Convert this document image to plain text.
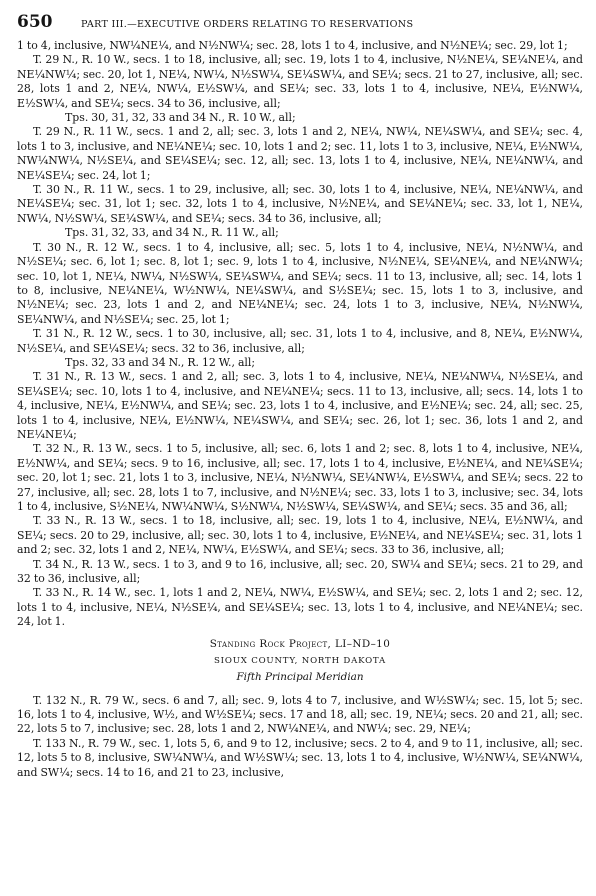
650	PART III.—EXECUTIVE ORDERS RELATING TO RESERVATIONS

1 to 4, inclusive, NW¼NE¼, and N½NW¼; sec. 28, lots 1 to 4, inclusive, and N½NE¼; sec. 29, lot 1;

T. 29 N., R. 10 W., secs. 1 to 18, inclusive, all; sec. 19, lots 1 to 4, inclusive, N½NE¼, SE¼NE¼, and NE¼NW¼; sec. 20, lot 1, NE¼, NW¼, N½SW¼, SE¼SW¼, and SE¼; secs. 21 to 27, inclusive, all; sec. 28, lots 1 and 2, NE¼, NW¼, E½SW¼, and SE¼; sec. 33, lots 1 to 4, inclusive, NE¼, E½NW¼, E½SW¼, and SE¼; secs. 34 to 36, inclusive, all;

Tps. 30, 31, 32, 33 and 34 N., R. 10 W., all;

T. 29 N., R. 11 W., secs. 1 and 2, all; sec. 3, lots 1 and 2, NE¼, NW¼, NE¼SW¼, and SE¼; sec. 4, lots 1 to 3, inclusive, and NE¼NE¼; sec. 10, lots 1 and 2; sec. 11, lots 1 to 3, inclusive, NE¼, E½NW¼, NW¼NW¼, N½SE¼, and SE¼SE¼; sec. 12, all; sec. 13, lots 1 to 4, inclusive, NE¼, NE¼NW¼, and NE¼SE¼; sec. 24, lot 1;

T. 30 N., R. 11 W., secs. 1 to 29, inclusive, all; sec. 30, lots 1 to 4, inclusive, NE¼, NE¼NW¼, and NE¼SE¼; sec. 31, lot 1; sec. 32, lots 1 to 4, inclusive, N½NE¼, and SE¼NE¼; sec. 33, lot 1, NE¼, NW¼, N½SW¼, SE¼SW¼, and SE¼; secs. 34 to 36, inclusive, all;

Tps. 31, 32, 33, and 34 N., R. 11 W., all;

T. 30 N., R. 12 W., secs. 1 to 4, inclusive, all; sec. 5, lots 1 to 4, inclusive, NE¼, N½NW¼, and N½SE¼; sec. 6, lot 1; sec. 8, lot 1; sec. 9, lots 1 to 4, inclusive, N½NE¼, SE¼NE¼, and NE¼NW¼; sec. 10, lot 1, NE¼, NW¼, N½SW¼, SE¼SW¼, and SE¼; secs. 11 to 13, inclusive, all; sec. 14, lots 1 to 8, inclusive, NE¼NE¼, W½NW¼, NE¼SW¼, and S½SE¼; sec. 15, lots 1 to 3, inclusive, and N½NE¼; sec. 23, lots 1 and 2, and NE¼NE¼; sec. 24, lots 1 to 3, inclusive, NE¼, N½NW¼, SE¼NW¼, and N½SE¼; sec. 25, lot 1;

T. 31 N., R. 12 W., secs. 1 to 30, inclusive, all; sec. 31, lots 1 to 4, inclusive, and 8, NE¼, E½NW¼, N½SE¼, and SE¼SE¼; secs. 32 to 36, inclusive, all;

Tps. 32, 33 and 34 N., R. 12 W., all;

T. 31 N., R. 13 W., secs. 1 and 2, all; sec. 3, lots 1 to 4, inclusive, NE¼, NE¼NW¼, N½SE¼, and SE¼SE¼; sec. 10, lots 1 to 4, inclusive, and NE¼NE¼; secs. 11 to 13, inclusive, all; secs. 14, lots 1 to 4, inclusive, NE¼, E½NW¼, and SE¼; sec. 23, lots 1 to 4, inclusive, and E½NE¼; sec. 24, all; sec. 25, lots 1 to 4, inclusive, NE¼, E½NW¼, NE¼SW¼, and SE¼; sec. 26, lot 1; sec. 36, lots 1 and 2, and NE¼NE¼;

T. 32 N., R. 13 W., secs. 1 to 5, inclusive, all; sec. 6, lots 1 and 2; sec. 8, lots 1 to 4, inclusive, NE¼, E½NW¼, and SE¼; secs. 9 to 16, inclusive, all; sec. 17, lots 1 to 4, inclusive, E½NE¼, and NE¼SE¼; sec. 20, lot 1; sec. 21, lots 1 to 3, inclusive, NE¼, N½NW¼, SE¼NW¼, E½SW¼, and SE¼; secs. 22 to 27, inclusive, all; sec. 28, lots 1 to 7, inclusive, and N½NE¼; sec. 33, lots 1 to 3, inclusive; sec. 34, lots 1 to 4, inclusive, S½NE¼, NW¼NW¼, S½NW¼, N½SW¼, SE¼SW¼, and SE¼; secs. 35 and 36, all;

T. 33 N., R. 13 W., secs. 1 to 18, inclusive, all; sec. 19, lots 1 to 4, inclusive, NE¼, E½NW¼, and SE¼; secs. 20 to 29, inclusive, all; sec. 30, lots 1 to 4, inclusive, E½NE¼, and NE¼SE¼; sec. 31, lots 1 and 2; sec. 32, lots 1 and 2, NE¼, NW¼, E½SW¼, and SE¼; secs. 33 to 36, inclusive, all;

T. 34 N., R. 13 W., secs. 1 to 3, and 9 to 16, inclusive, all; sec. 20, SW¼ and SE¼; secs. 21 to 29, and 32 to 36, inclusive, all;

T. 33 N., R. 14 W., sec. 1, lots 1 and 2, NE¼, NW¼, E½SW¼, and SE¼; sec. 2, lots 1 and 2; sec. 12, lots 1 to 4, inclusive, NE¼, N½SE¼, and SE¼SE¼; sec. 13, lots 1 to 4, inclusive, and NE¼NE¼; sec. 24, lot 1.

Standing Rock Project, LI–ND–10
SIOUX COUNTY, NORTH DAKOTA
Fifth Principal Meridian

T. 132 N., R. 79 W., secs. 6 and 7, all; sec. 9, lots 4 to 7, inclusive, and W½SW¼; sec. 15, lot 5; sec. 16, lots 1 to 4, inclusive, W½, and W½SE¼; secs. 17 and 18, all; sec. 19, NE¼; secs. 20 and 21, all; sec. 22, lots 5 to 7, inclusive; sec. 28, lots 1 and 2, NW¼NE¼, and NW¼; sec. 29, NE¼;

T. 133 N., R. 79 W., sec. 1, lots 5, 6, and 9 to 12, inclusive; secs. 2 to 4, and 9 to 11, inclusive, all; sec. 12, lots 5 to 8, inclusive, SW¼NW¼, and W½SW¼; sec. 13, lots 1 to 4, inclusive, W½NW¼, SE¼NW¼, and SW¼; secs. 14 to 16, and 21 to 23, inclusive,
